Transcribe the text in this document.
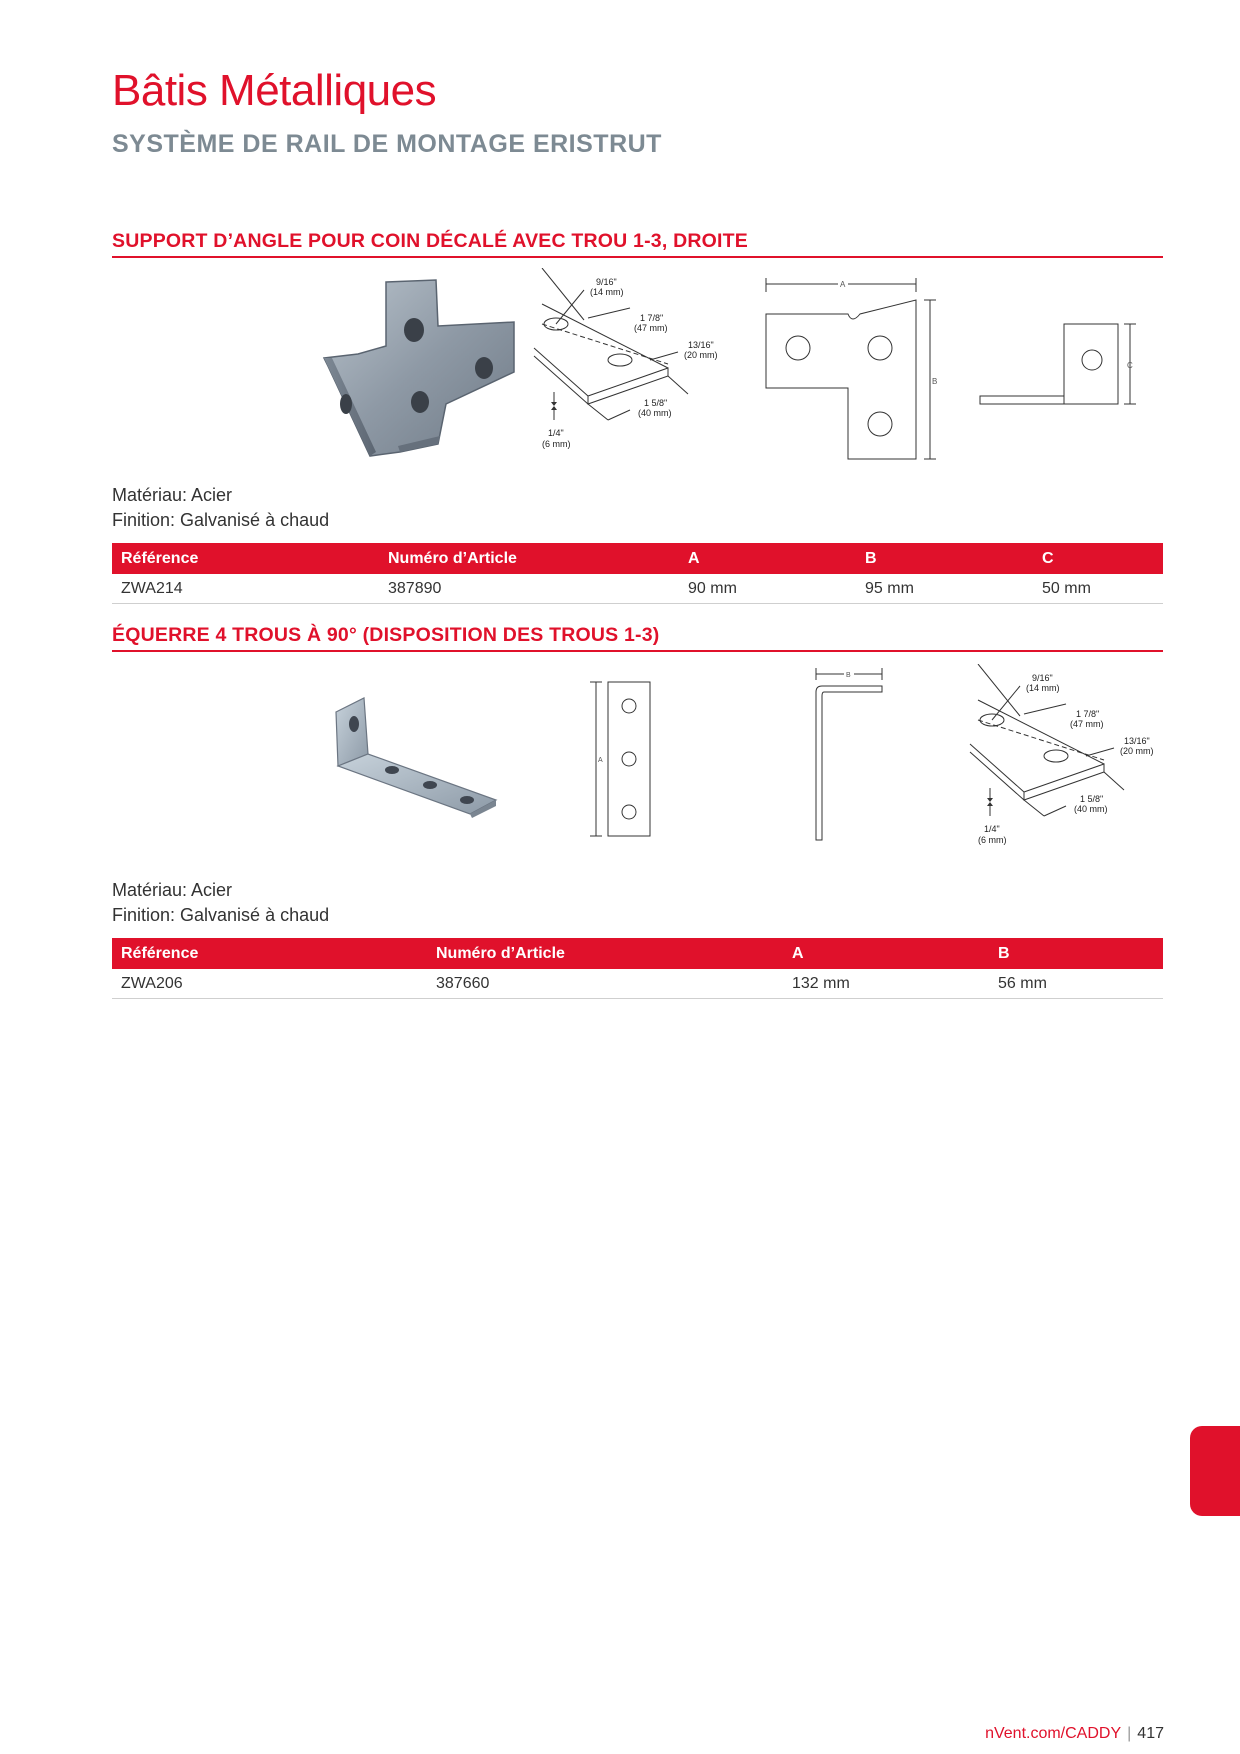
Bâtis Métalliques
SYSTÈME DE RAIL DE MONTAGE ERISTRUT
SUPPORT D’ANGLE POUR COIN DÉCALÉ AVEC TROU 1-3, DROITE
9/16"
(14 mm)
1 7/8"
(47 mm)
13/16"
(20 mm)
1 5/8"
(40 mm)
1/4"
(6 mm)
A
B
C
Matériau: Acier
Finition: Galvanisé à chaud
Référence	Numéro d’Article	A	B	C
ZWA214	387890	90 mm	95 mm	50 mm
ÉQUERRE 4 TROUS À 90° (DISPOSITION DES TROUS 1-3)
A
B	9/16"
(14 mm)
1 7/8"
(47 mm)
13/16"
(20 mm)
1 5/8"
(40 mm)
1/4"
(6 mm)
Matériau: Acier
Finition: Galvanisé à chaud
Référence	Numéro d’Article	A	B
ZWA206	387660	132 mm	56 mm
nVent.com/CADDY | 417
